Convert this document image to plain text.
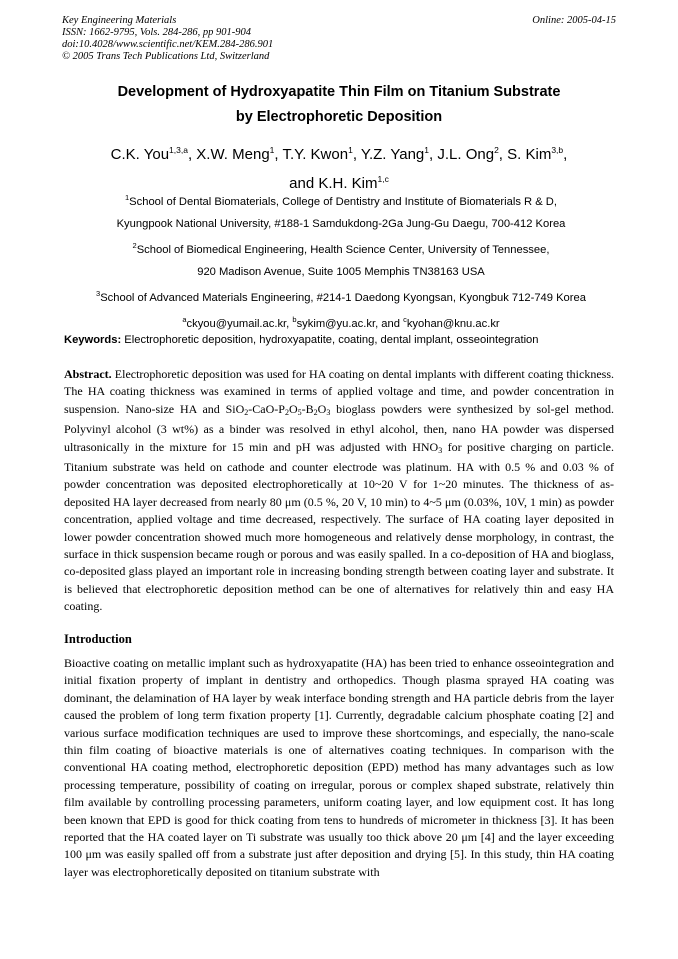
Key Engineering Materials
ISSN: 1662-9795, Vols. 284-286, pp 901-904
doi:10.4028/www.scientific.net/KEM.284-286.901
© 2005 Trans Tech Publications Ltd, Switzerland
Online: 2005-04-15
Development of Hydroxyapatite Thin Film on Titanium Substrate
by Electrophoretic Deposition
C.K. You$^{1,3,a}$, X.W. Meng$^1$, T.Y. Kwon$^1$, Y.Z. Yang$^1$, J.L. Ong$^2$, S. Kim$^{3,b}$,
and K.H. Kim$^{1,c}$
$^1$School of Dental Biomaterials, College of Dentistry and Institute of Biomaterials R & D,
Kyungpook National University, #188-1 Samdukdong-2Ga Jung-Gu Daegu, 700-412 Korea
$^2$School of Biomedical Engineering, Health Science Center, University of Tennessee,
920 Madison Avenue, Suite 1005 Memphis TN38163 USA
$^3$School of Advanced Materials Engineering, #214-1 Daedong Kyongsan, Kyongbuk 712-749 Korea
$^a$ckyou@yumail.ac.kr, $^b$sykim@yu.ac.kr, and $^c$kyohan@knu.ac.kr
Keywords: Electrophoretic deposition, hydroxyapatite, coating, dental implant, osseointegration
Abstract. Electrophoretic deposition was used for HA coating on dental implants with different coating thickness. The HA coating thickness was examined in terms of applied voltage and time, and powder concentration in suspension. Nano-size HA and $SiO_2-CaO-P_2O_5-B_2O_3$ bioglass powders were synthesized by sol-gel method. Polyvinyl alcohol (3 wt%) as a binder was resolved in ethyl alcohol, then, nano HA powder was dispersed ultrasonically in the mixture for 15 min and pH was adjusted with $HNO_3$ for positive charging on particle. Titanium substrate was held on cathode and counter electrode was platinum. HA with 0.5 % and 0.03 % of powder concentration was deposited electrophoretically at 10~20 V for 1~20 minutes. The thickness of as-deposited HA layer decreased from nearly 80 μm (0.5 %, 20 V, 10 min) to 4~5 μm (0.03%, 10V, 1 min) as powder concentration, applied voltage and time decreased, respectively. The surface of HA coating layer deposited in lower powder concentration showed much more homogeneous and relatively dense morphology, in contrast, the surface in thick suspension became rough or porous and was easily spalled. In a co-deposition of HA and bioglass, co-deposited glass played an important role in increasing bonding strength between coating layer and substrate. It is believed that electrophoretic deposition method can be one of alternatives for relatively thin and easy HA coating.
Introduction
Bioactive coating on metallic implant such as hydroxyapatite (HA) has been tried to enhance osseointegration and initial fixation property of implant in dentistry and orthopedics. Though plasma sprayed HA coating was dominant, the delamination of HA layer by weak interface bonding strength and HA particle debris from the layer caused the problem of long term fixation property [1]. Currently, degradable calcium phosphate coating [2] and various surface modification techniques are used to improve these shortcomings, and especially, the nano-scale thin film coating of bioactive materials is one of alternatives coating techniques. In comparison with the conventional HA coating method, electrophoretic deposition (EPD) method has many advantages such as low processing temperature, possibility of coating on irregular, porous or complex shaped substrate, relatively thin film available by controlling processing parameters, uniform coating layer, and low equipment cost. It has long been known that EPD is good for thick coating from tens to hundreds of micrometer in thickness [3]. It has been reported that the HA coated layer on Ti substrate was usually too thick above 20 μm [4] and the layer exceeding 100 μm was easily spalled off from a substrate just after deposition and drying [5]. In this study, thin HA coating layer was electrophoretically deposited on titanium substrate with
